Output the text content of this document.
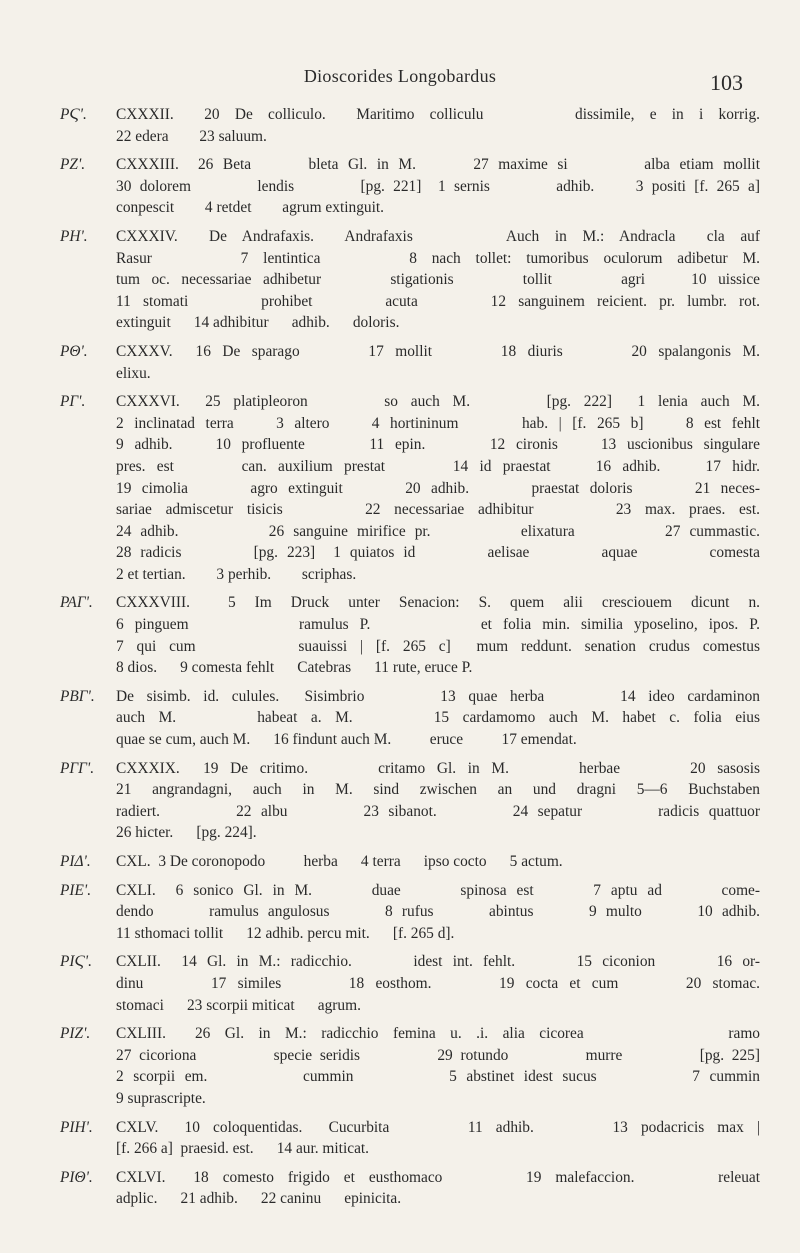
Dioscorides Longobardus	103
PϚ'. CXXXII.  20 De colliculo.  Maritimo colliculu      dissimile, e in i korrig.
22 edera        23 saluum.
PZ'. CXXXIII.  26 Beta      bleta Gl. in M.      27 maxime si        alba etiam mollit
30 dolorem        lendis        [pg. 221]  1 sernis        adhib.     3 positi [f. 265 a]
conpescit        4 retdet        agrum extinguit.
PH'. CXXXIV.  De Andrafaxis.  Andrafaxis      Auch in M.: Andracla  cla auf
Rasur      7 lentintica      8 nach tollet: tumoribus oculorum adibetur M.
tum oc. necessariae adhibetur      stigationis      tollit      agri    10 uissice
11 stomati      prohibet      acuta      12 sanguinem reicient. pr. lumbr. rot.
extinguit      14 adhibitur      adhib.      doloris.
PΘ'. CXXXV.  16 De sparago      17 mollit      18 diuris      20 spalangonis M.
elixu.
PΓ'. CXXXVI.  25 platipleoron      so auch M.      [pg. 222]  1 lenia auch M.
2 inclinatad terra    3 altero    4 hortininum      hab. | [f. 265 b]    8 est fehlt
9 adhib.    10 profluente      11 epin.      12 cironis    13 uscionibus singulare
pres. est      can. auxilium prestat      14 id praestat    16 adhib.    17 hidr.
19 cimolia      agro extinguit      20 adhib.      praestat doloris      21 neces-
sariae admiscetur tisicis      22 necessariae adhibitur      23 max. praes. est.
24 adhib.          26 sanguine mirifice pr.          elixatura          27 cummastic.
28 radicis        [pg. 223]  1 quiatos id        aelisae        aquae        comesta
2 et tertian.        3 perhib.        scriphas.
PAΓ'. CXXXVIII.  5 Im Druck unter Senacion: S. quem alii cresciouem dicunt n.
6 pinguem          ramulus P.          et folia min. similia yposelino, ipos. P.
7 qui cum        suauissi | [f. 265 c]  mum reddunt. senation crudus comestus
8 dios.      9 comesta fehlt      Catebras      11 rute, eruce P.
PBΓ'. De sisimb. id. culules.  Sisimbrio      13 quae herba      14 ideo cardaminon
auch M.      habeat a. M.      15 cardamomo auch M. habet c. folia eius
quae se cum, auch M.      16 findunt auch M.          eruce          17 emendat.
PΓΓ'. CXXXIX.  19 De critimo.      critamo Gl. in M.      herbae      20 sasosis
21 angrandagni, auch in M. sind zwischen an und dragni 5—6 Buchstaben
radiert.        22 albu        23 sibanot.        24 sepatur        radicis quattuor
26 hicter.      [pg. 224].
PIΔ'. CXL.  3 De coronopodo          herba      4 terra      ipso cocto      5 actum.
PIE'. CXLI.  6 sonico Gl. in M.      duae      spinosa est      7 aptu ad      come-
dendo      ramulus angulosus      8 rufus      abintus      9 multo      10 adhib.
11 sthomaci tollit      12 adhib. percu mit.      [f. 265 d].
PIϚ'. CXLII.  14 Gl. in M.: radicchio.      idest int. fehlt.      15 ciconion      16 or-
dinu      17 similes      18 eosthom.      19 cocta et cum      20 stomac.
stomaci      23 scorpii miticat      agrum.
PIZ'. CXLIII.  26 Gl. in M.: radicchio femina u. .i. alia cicorea          ramo
27 cicoriona          specie seridis          29 rotundo          murre          [pg. 225]
2 scorpii em.          cummin          5 abstinet idest sucus          7 cummin
9 suprascripte.
PIH'. CXLV.  10 coloquentidas.  Cucurbita      11 adhib.      13 podacricis max |
[f. 266 a]  praesid. est.      14 aur. miticat.
PIΘ'. CXLVI.  18 comesto frigido et eusthomaco      19 malefaccion.      releuat
adplic.      21 adhib.      22 caninu      epinicita.
